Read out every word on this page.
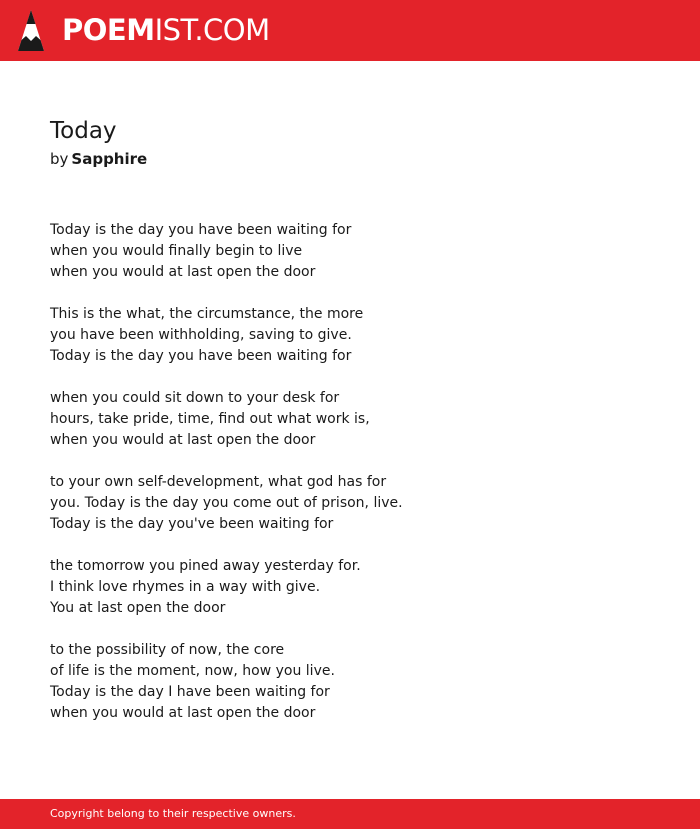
POEMIST.COM
Today
by Sapphire
Today is the day you have been waiting for
when you would finally begin to live
when you would at last open the door
This is the what, the circumstance, the more
you have been withholding, saving to give.
Today is the day you have been waiting for
when you could sit down to your desk for
hours, take pride, time, find out what work is,
when you would at last open the door
to your own self-development, what god has for
you. Today is the day you come out of prison, live.
Today is the day you've been waiting for
the tomorrow you pined away yesterday for.
I think love rhymes in a way with give.
You at last open the door
to the possibility of now, the core
of life is the moment, now, how you live.
Today is the day I have been waiting for
when you would at last open the door
Copyright belong to their respective owners.
